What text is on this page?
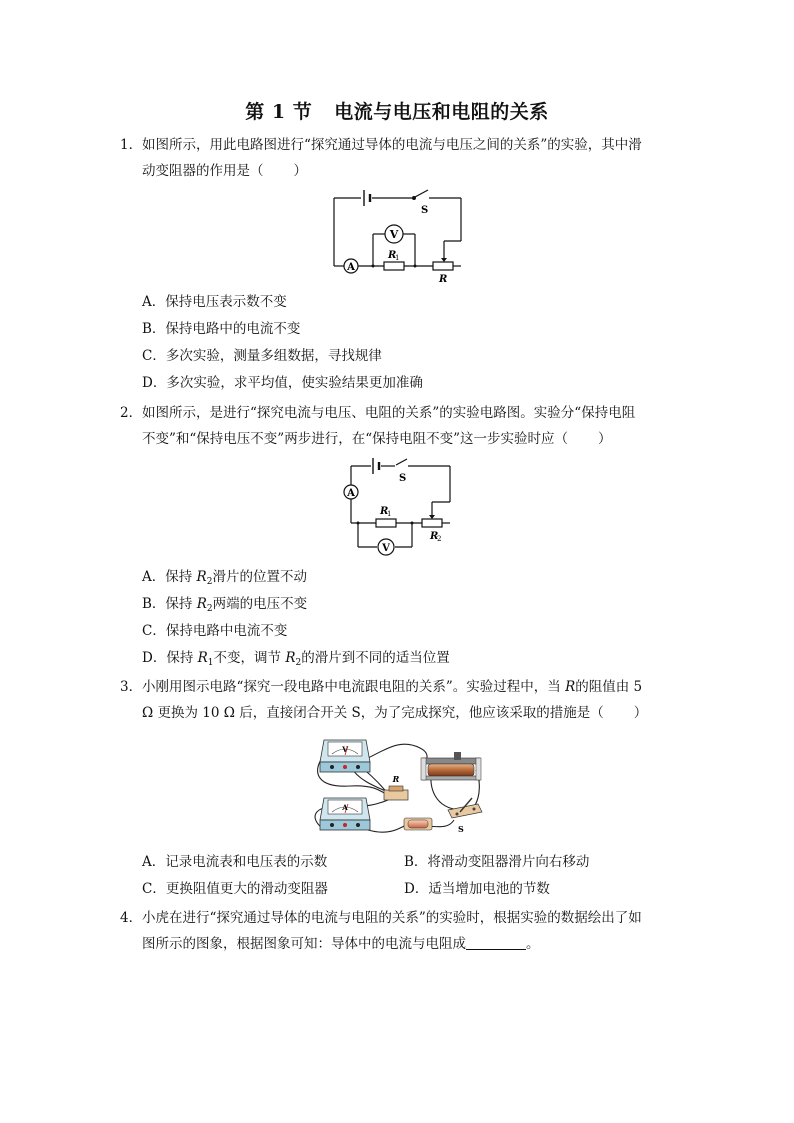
第 1 节 电流与电压和电阻的关系
1． 如图所示，用此电路图进行“探究通过导体的电流与电压之间的关系”的实验，其中滑
动变阻器的作用是（ ）
A
V
S
R
1
R
A．保持电压表示数不变
B．保持电路中的电流不变
C．多次实验，测量多组数据，寻找规律
D．多次实验，求平均值，使实验结果更加准确
2． 如图所示，是进行“探究电流与电压、电阻的关系”的实验电路图。实验分“保持电阻
不变”和“保持电压不变”两步进行，在“保持电阻不变”这一步实验时应（ ）
A
V
S
R
1
R
2
A．保持 $R_2$滑片的位置不动
B．保持 $R_2$两端的电压不变
C．保持电路中电流不变
D．保持 $R_1$不变，调节 $R_2$的滑片到不同的适当位置
3． 小刚用图示电路“探究一段电路中电流跟电阻的关系”。实验过程中，当 R的阻值由 5
Ω 更换为 10 Ω 后，直接闭合开关 S，为了完成探究，他应该采取的措施是（ ）
V
A
R
S
A．记录电流表和电压表的示数	B．将滑动变阻器滑片向右移动
C．更换阻值更大的滑动变阻器	D．适当增加电池的节数
4． 小虎在进行“探究通过导体的电流与电阻的关系”的实验时，根据实验的数据绘出了如
图所示的图象，根据图象可知：导体中的电流与电阻成	。
